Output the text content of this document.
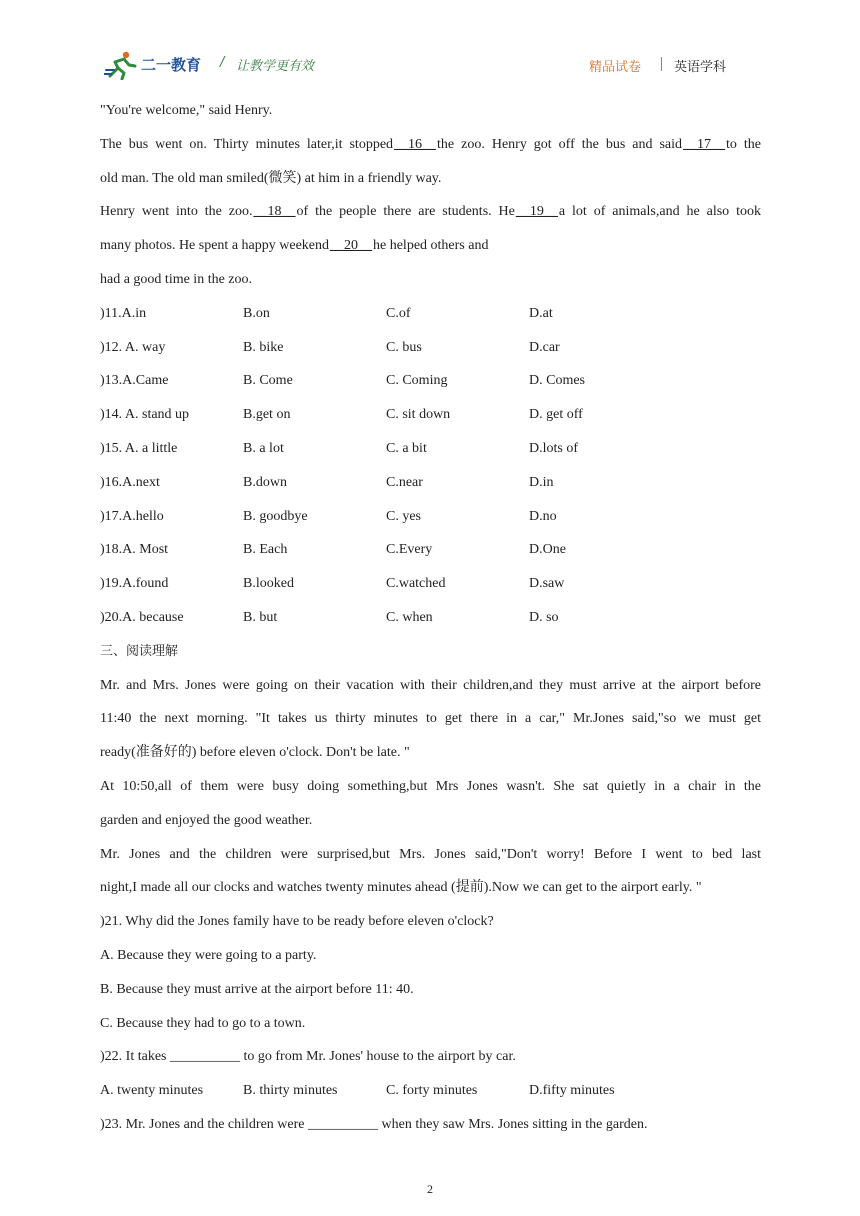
二一教育 / 让教学更有效	精品试卷	英语学科
"You're welcome," said Henry.
The bus went on. Thirty minutes later,it stopped__16__the zoo. Henry got off the bus and said__17__to the
old man. The old man smiled(微笑) at him in a friendly way.
Henry went into the zoo.__18__of the people there are students. He__19__a lot of animals,and he also took
many photos. He spent a happy weekend__20__he helped others and
had a good time in the zoo.
)11.A.in	B.on	C.of	D.at
)12. A. way	B. bike	C. bus	D.car
)13.A.Came	B. Come	C. Coming	D. Comes
)14. A. stand up	B.get on	C. sit down	D. get off
)15. A. a little	B. a lot	C. a bit	D.lots of
)16.A.next	B.down	C.near	D.in
)17.A.hello	B. goodbye	C. yes	D.no
)18.A. Most	B. Each	C.Every	D.One
)19.A.found	B.looked	C.watched	D.saw
)20.A. because	B. but	C. when	D. so
三、阅读理解
Mr. and Mrs. Jones were going on their vacation with their children,and they must arrive at the airport before
11:40 the next morning. "It takes us thirty minutes to get there in a car," Mr.Jones said,"so we must get
ready(准备好的) before eleven o'clock. Don't be late. "
At 10:50,all of them were busy doing something,but Mrs Jones wasn't. She sat quietly in a chair in the
garden and enjoyed the good weather.
Mr. Jones and the children were surprised,but Mrs. Jones said,"Don't worry! Before I went to bed last
night,I made all our clocks and watches twenty minutes ahead (提前).Now we can get to the airport early. "
)21. Why did the Jones family have to be ready before eleven o'clock?
A. Because they were going to a party.
B. Because they must arrive at the airport before 11: 40.
C. Because they had to go to a town.
)22. It takes __________ to go from Mr. Jones' house to the airport by car.
A. twenty minutes	B. thirty minutes	C. forty minutes	D.fifty minutes
)23. Mr. Jones and the children were __________ when they saw Mrs. Jones sitting in the garden.
2
